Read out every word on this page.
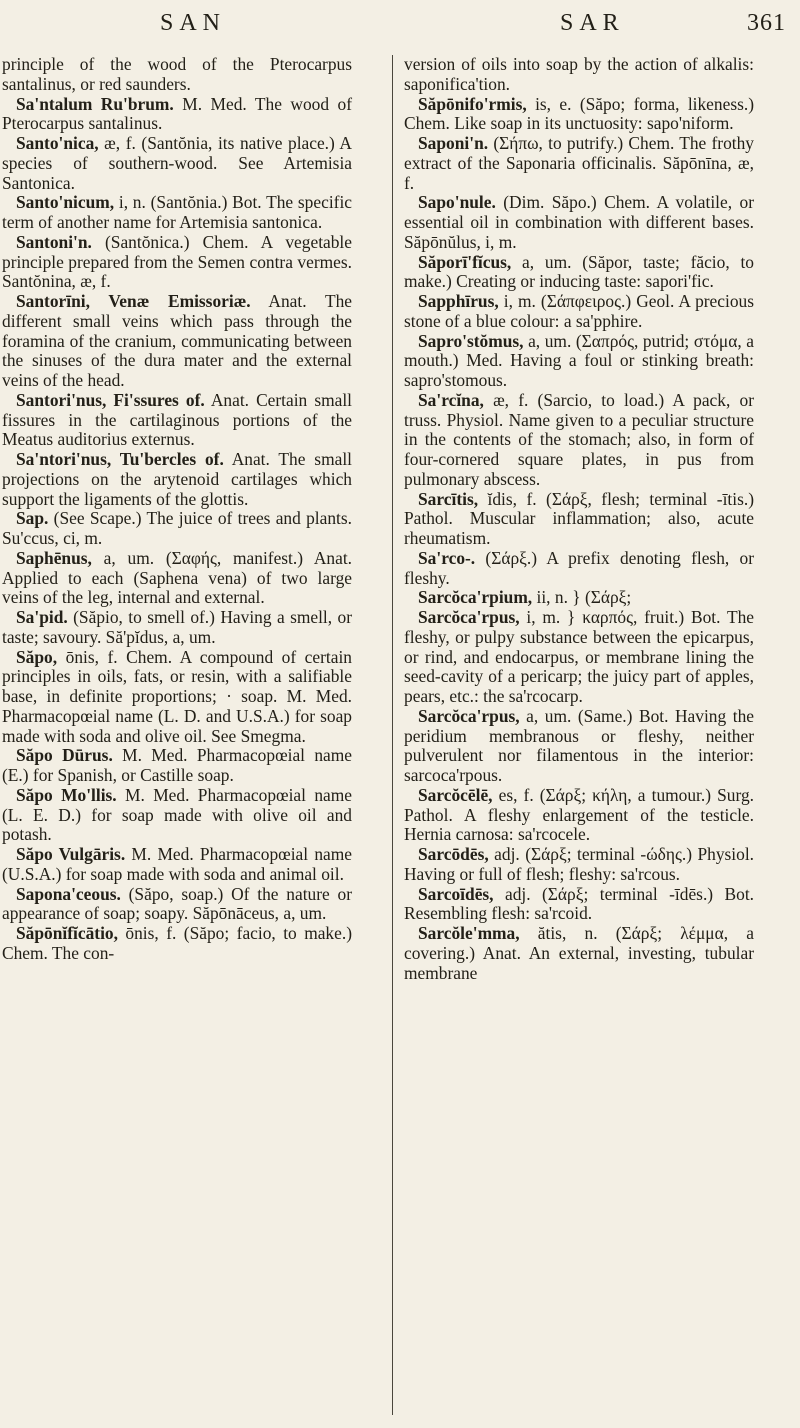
SAN	SAR	361

principle of the wood of the Pterocarpus santalinus, or red saunders.

Sa'ntalum Ru'brum. M. Med. The wood of Pterocarpus santalinus.

Santo'nica, æ, f. (Santŏnia, its native place.) A species of southern-wood. See Artemisia Santonica.

Santo'nicum, i, n. (Santŏnia.) Bot. The specific term of another name for Artemisia santonica.

Santoni'n. (Santŏnica.) Chem. A vegetable principle prepared from the Semen contra vermes. Santŏnina, æ, f.

Santorīni, Venæ Emissoriæ. Anat. The different small veins which pass through the foramina of the cranium, communicating between the sinuses of the dura mater and the external veins of the head.

Santori'nus, Fi'ssures of. Anat. Certain small fissures in the cartilaginous portions of the Meatus auditorius externus.

Sa'ntori'nus, Tu'bercles of. Anat. The small projections on the arytenoid cartilages which support the ligaments of the glottis.

Sap. (See Scape.) The juice of trees and plants. Su'ccus, ci, m.

Saphēnus, a, um. (Σαφής, manifest.) Anat. Applied to each (Saphena vena) of two large veins of the leg, internal and external.

Sa'pid. (Săpio, to smell of.) Having a smell, or taste; savoury. Să'pĭdus, a, um.

Săpo, ōnis, f. Chem. A compound of certain principles in oils, fats, or resin, with a salifiable base, in definite proportions; · soap. M. Med. Pharmacopœial name (L. D. and U.S.A.) for soap made with soda and olive oil. See Smegma.

Săpo Dūrus. M. Med. Pharmacopœial name (E.) for Spanish, or Castille soap.

Săpo Mo'llis. M. Med. Pharmacopœial name (L. E. D.) for soap made with olive oil and potash.

Săpo Vulgāris. M. Med. Pharmacopœial name (U.S.A.) for soap made with soda and animal oil.

Sapona'ceous. (Săpo, soap.) Of the nature or appearance of soap; soapy. Săpōnāceus, a, um.

Săpōnĭfĭcātio, ōnis, f. (Săpo; facio, to make.) Chem. The con-

version of oils into soap by the action of alkalis: saponifica'tion.

Săpōnifo'rmis, is, e. (Săpo; forma, likeness.) Chem. Like soap in its unctuosity: sapo'niform.

Saponi'n. (Σήπω, to putrify.) Chem. The frothy extract of the Saponaria officinalis. Săpōnīna, æ, f.

Sapo'nule. (Dim. Săpo.) Chem. A volatile, or essential oil in combination with different bases. Săpōnŭlus, i, m.

Săporī'fĭcus, a, um. (Săpor, taste; făcio, to make.) Creating or inducing taste: sapori'fic.

Sapphīrus, i, m. (Σάπφειρος.) Geol. A precious stone of a blue colour: a sa'pphire.

Sapro'stŏmus, a, um. (Σαπρός, putrid; στόμα, a mouth.) Med. Having a foul or stinking breath: sapro'stomous.

Sa'rcĭna, æ, f. (Sarcio, to load.) A pack, or truss. Physiol. Name given to a peculiar structure in the contents of the stomach; also, in form of four-cornered square plates, in pus from pulmonary abscess.

Sarcītis, ĭdis, f. (Σάρξ, flesh; terminal -ītis.) Pathol. Muscular inflammation; also, acute rheumatism.

Sa'rco-. (Σάρξ.) A prefix denoting flesh, or fleshy.

Sarcŏca'rpium, ii, n. } (Σάρξ;

Sarcŏca'rpus, i, m. } καρπός, fruit.) Bot. The fleshy, or pulpy substance between the epicarpus, or rind, and endocarpus, or membrane lining the seed-cavity of a pericarp; the juicy part of apples, pears, etc.: the sa'rcocarp.

Sarcŏca'rpus, a, um. (Same.) Bot. Having the peridium membranous or fleshy, neither pulverulent nor filamentous in the interior: sarcoca'rpous.

Sarcŏcēlē, es, f. (Σάρξ; κήλη, a tumour.) Surg. Pathol. A fleshy enlargement of the testicle. Hernia carnosa: sa'rcocele.

Sarcōdēs, adj. (Σάρξ; terminal -ώδης.) Physiol. Having or full of flesh; fleshy: sa'rcous.

Sarcoīdēs, adj. (Σάρξ; terminal -īdēs.) Bot. Resembling flesh: sa'rcoid.

Sarcŏle'mma, ătis, n. (Σάρξ; λέμμα, a covering.) Anat. An external, investing, tubular membrane
